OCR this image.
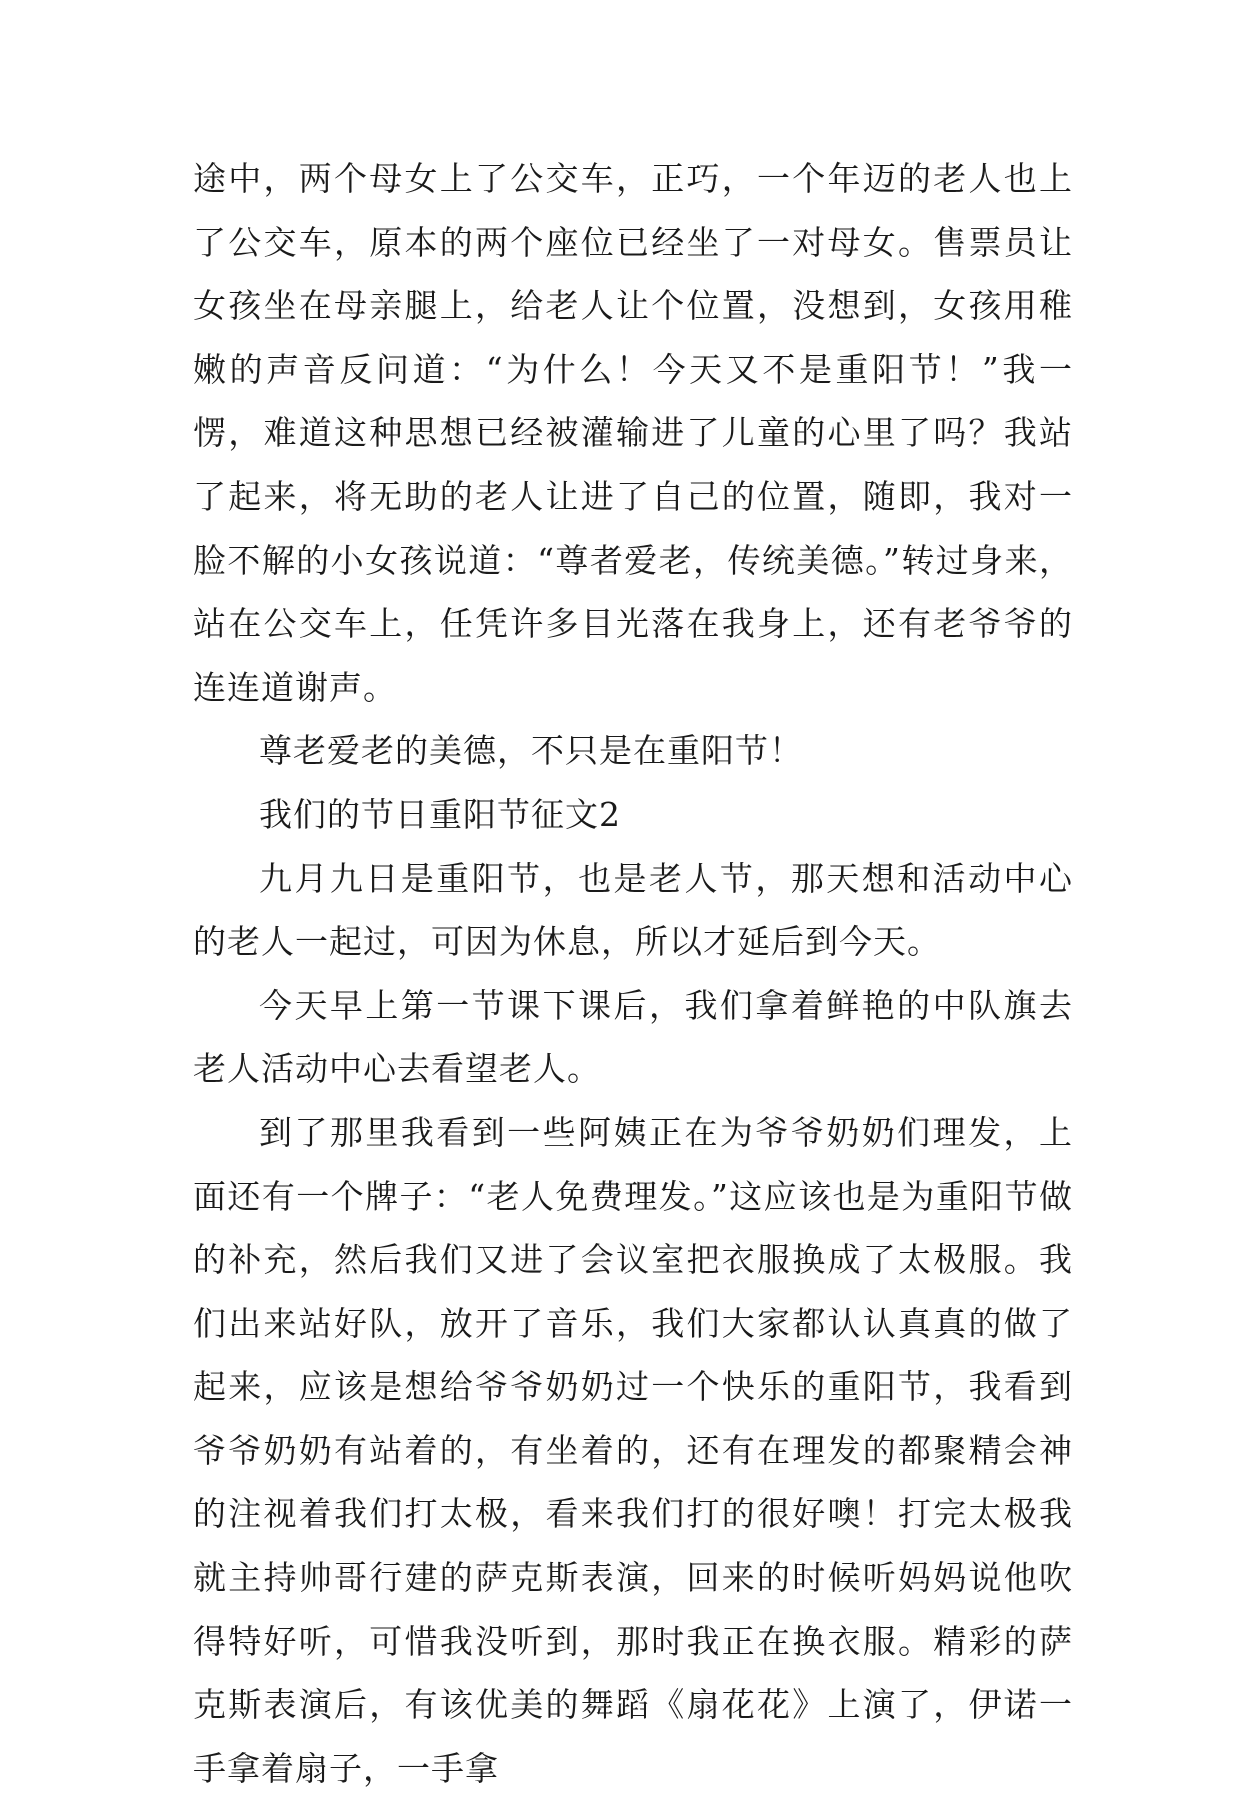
途中，两个母女上了公交车，正巧，一个年迈的老人也上了公交车，原本的两个座位已经坐了一对母女。售票员让女孩坐在母亲腿上，给老人让个位置，没想到，女孩用稚嫩的声音反问道：“为什么！今天又不是重阳节！”我一愣，难道这种思想已经被灌输进了儿童的心里了吗？我站了起来，将无助的老人让进了自己的位置，随即，我对一脸不解的小女孩说道：“尊者爱老，传统美德。”转过身来，站在公交车上，任凭许多目光落在我身上，还有老爷爷的连连道谢声。

尊老爱老的美德，不只是在重阳节！

我们的节日重阳节征文2

九月九日是重阳节，也是老人节，那天想和活动中心的老人一起过，可因为休息，所以才延后到今天。

今天早上第一节课下课后，我们拿着鲜艳的中队旗去老人活动中心去看望老人。

到了那里我看到一些阿姨正在为爷爷奶奶们理发，上面还有一个牌子：“老人免费理发。”这应该也是为重阳节做的补充，然后我们又进了会议室把衣服换成了太极服。我们出来站好队，放开了音乐，我们大家都认认真真的做了起来，应该是想给爷爷奶奶过一个快乐的重阳节，我看到爷爷奶奶有站着的，有坐着的，还有在理发的都聚精会神的注视着我们打太极，看来我们打的很好噢！打完太极我就主持帅哥行建的萨克斯表演，回来的时候听妈妈说他吹得特好听，可惜我没听到，那时我正在换衣服。精彩的萨克斯表演后，有该优美的舞蹈《扇花花》上演了，伊诺一手拿着扇子，一手拿
